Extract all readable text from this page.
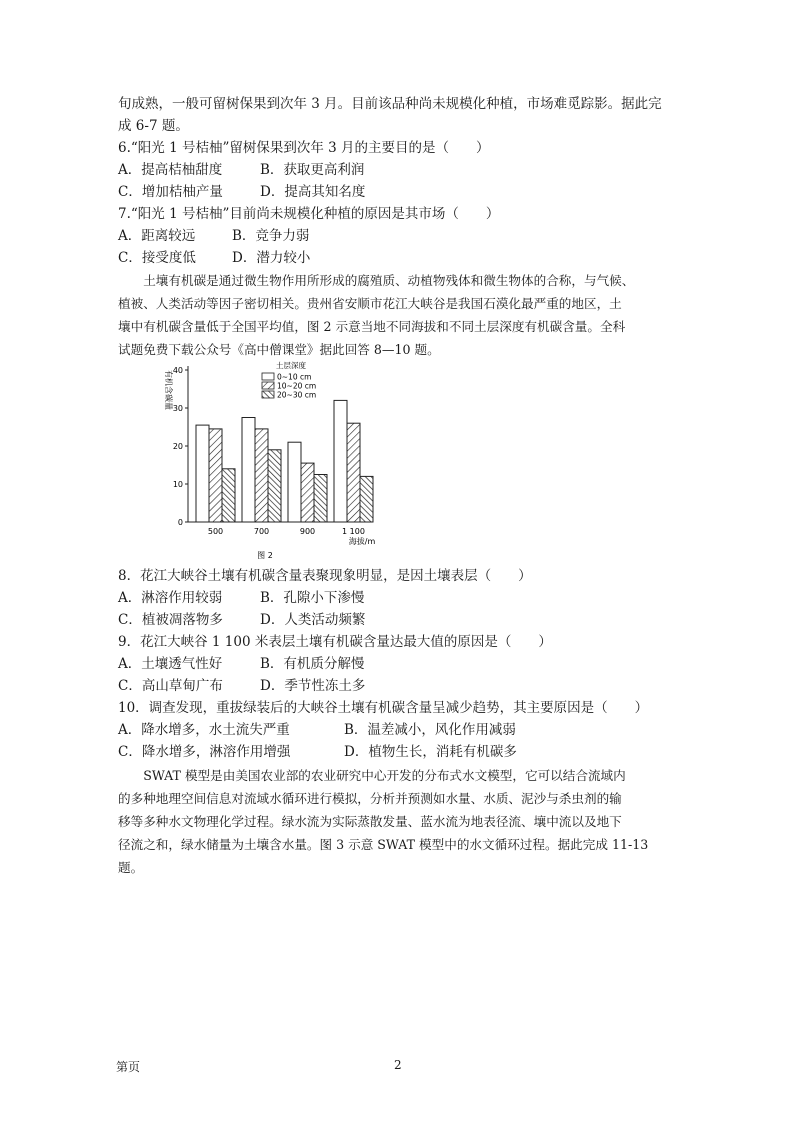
旬成熟，一般可留树保果到次年 3 月。目前该品种尚未规模化种植，市场难觅踪影。据此完
成 6-7 题。
6.“阳光 1 号桔柚”留树保果到次年 3 月的主要目的是（　　）
A．提高桔柚甜度	B．获取更高利润
C．增加桔柚产量	D．提高其知名度
7.“阳光 1 号桔柚”目前尚未规模化种植的原因是其市场（　　）
A．距离较远	B．竞争力弱
C．接受度低	D．潜力较小
　　土壤有机碳是通过微生物作用所形成的腐殖质、动植物残体和微生物体的合称，与气候、
植被、人类活动等因子密切相关。贵州省安顺市花江大峡谷是我国石漠化最严重的地区，土
壤中有机碳含量低于全国平均值，图 2 示意当地不同海拔和不同土层深度有机碳含量。全科
试题免费下载公众号《高中僧课堂》据此回答 8—10 题。
0
10
20
30
40
500	700	900	1 100
土层深度
0~10 cm
10~20 cm
20~30 cm
有机含碳量
海拔/m
图 2
8．花江大峡谷土壤有机碳含量表聚现象明显，是因土壤表层（　　）
A．淋溶作用较弱	B．孔隙小下渗慢
C．植被凋落物多	D．人类活动频繁
9．花江大峡谷 1 100 米表层土壤有机碳含量达最大值的原因是（　　）
A．土壤透气性好	B．有机质分解慢
C．高山草甸广布	D．季节性冻土多
10．调查发现，重拔绿装后的大峡谷土壤有机碳含量呈减少趋势，其主要原因是（　　）
A．降水增多，水土流失严重	B．温差减小，风化作用减弱
C．降水增多，淋溶作用增强	D．植物生长，消耗有机碳多
　　SWAT 模型是由美国农业部的农业研究中心开发的分布式水文模型，它可以结合流域内
的多种地理空间信息对流域水循环进行模拟，分析并预测如水量、水质、泥沙与杀虫剂的输
移等多种水文物理化学过程。绿水流为实际蒸散发量、蓝水流为地表径流、壤中流以及地下
径流之和，绿水储量为土壤含水量。图 3 示意 SWAT 模型中的水文循环过程。据此完成 11-13
题。
第页	2
